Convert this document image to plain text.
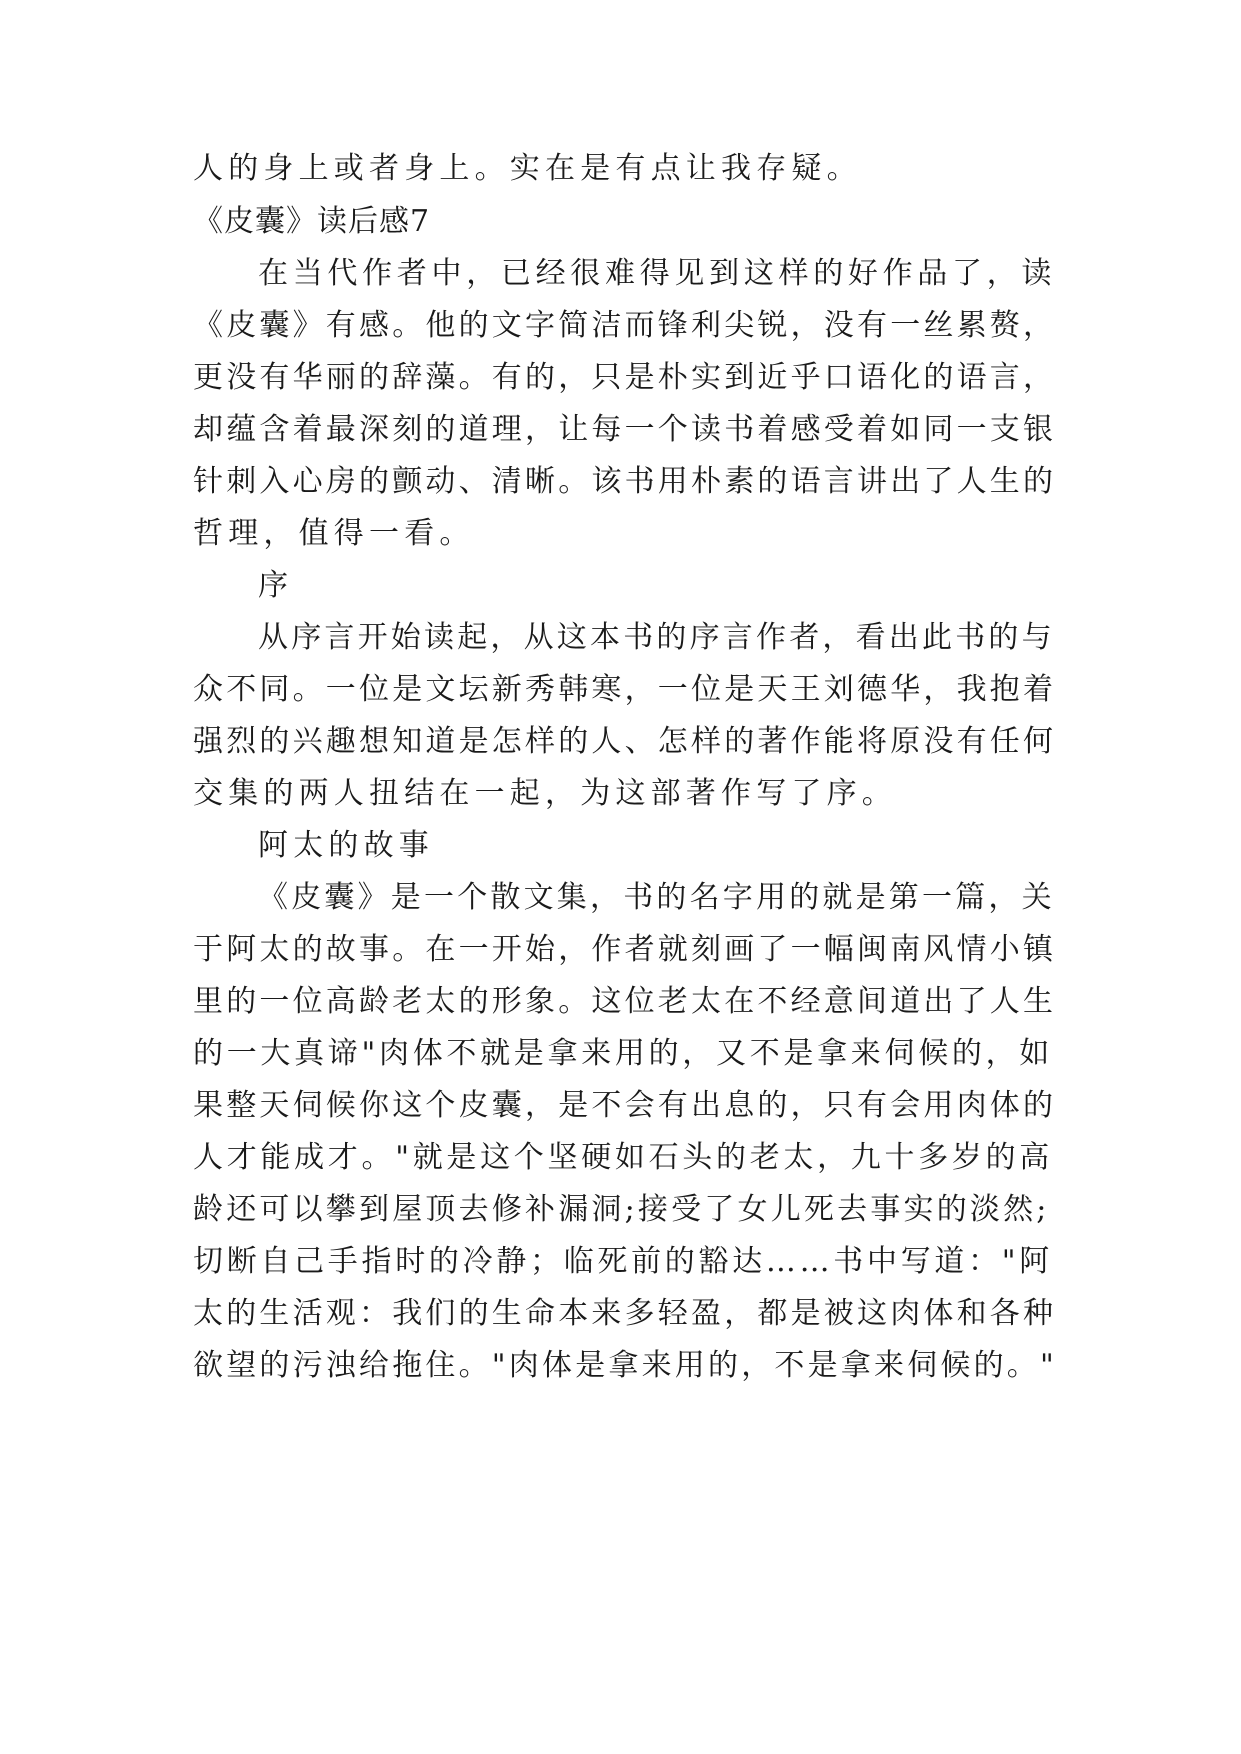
人的身上或者身上。实在是有点让我存疑。
《皮囊》读后感7
在当代作者中，已经很难得见到这样的好作品了，读
《皮囊》有感。他的文字简洁而锋利尖锐，没有一丝累赘，
更没有华丽的辞藻。有的，只是朴实到近乎口语化的语言，
却蕴含着最深刻的道理，让每一个读书着感受着如同一支银
针刺入心房的颤动、清晰。该书用朴素的语言讲出了人生的
哲理，值得一看。
序
从序言开始读起，从这本书的序言作者，看出此书的与
众不同。一位是文坛新秀韩寒，一位是天王刘德华，我抱着
强烈的兴趣想知道是怎样的人、怎样的著作能将原没有任何
交集的两人扭结在一起，为这部著作写了序。
阿太的故事
《皮囊》是一个散文集，书的名字用的就是第一篇，关
于阿太的故事。在一开始，作者就刻画了一幅闽南风情小镇
里的一位高龄老太的形象。这位老太在不经意间道出了人生
的一大真谛"肉体不就是拿来用的，又不是拿来伺候的，如
果整天伺候你这个皮囊，是不会有出息的，只有会用肉体的
人才能成才。"就是这个坚硬如石头的老太，九十多岁的高
龄还可以攀到屋顶去修补漏洞;接受了女儿死去事实的淡然;
切断自己手指时的冷静；临死前的豁达……书中写道："阿
太的生活观：我们的生命本来多轻盈，都是被这肉体和各种
欲望的污浊给拖住。"肉体是拿来用的，不是拿来伺候的。"
